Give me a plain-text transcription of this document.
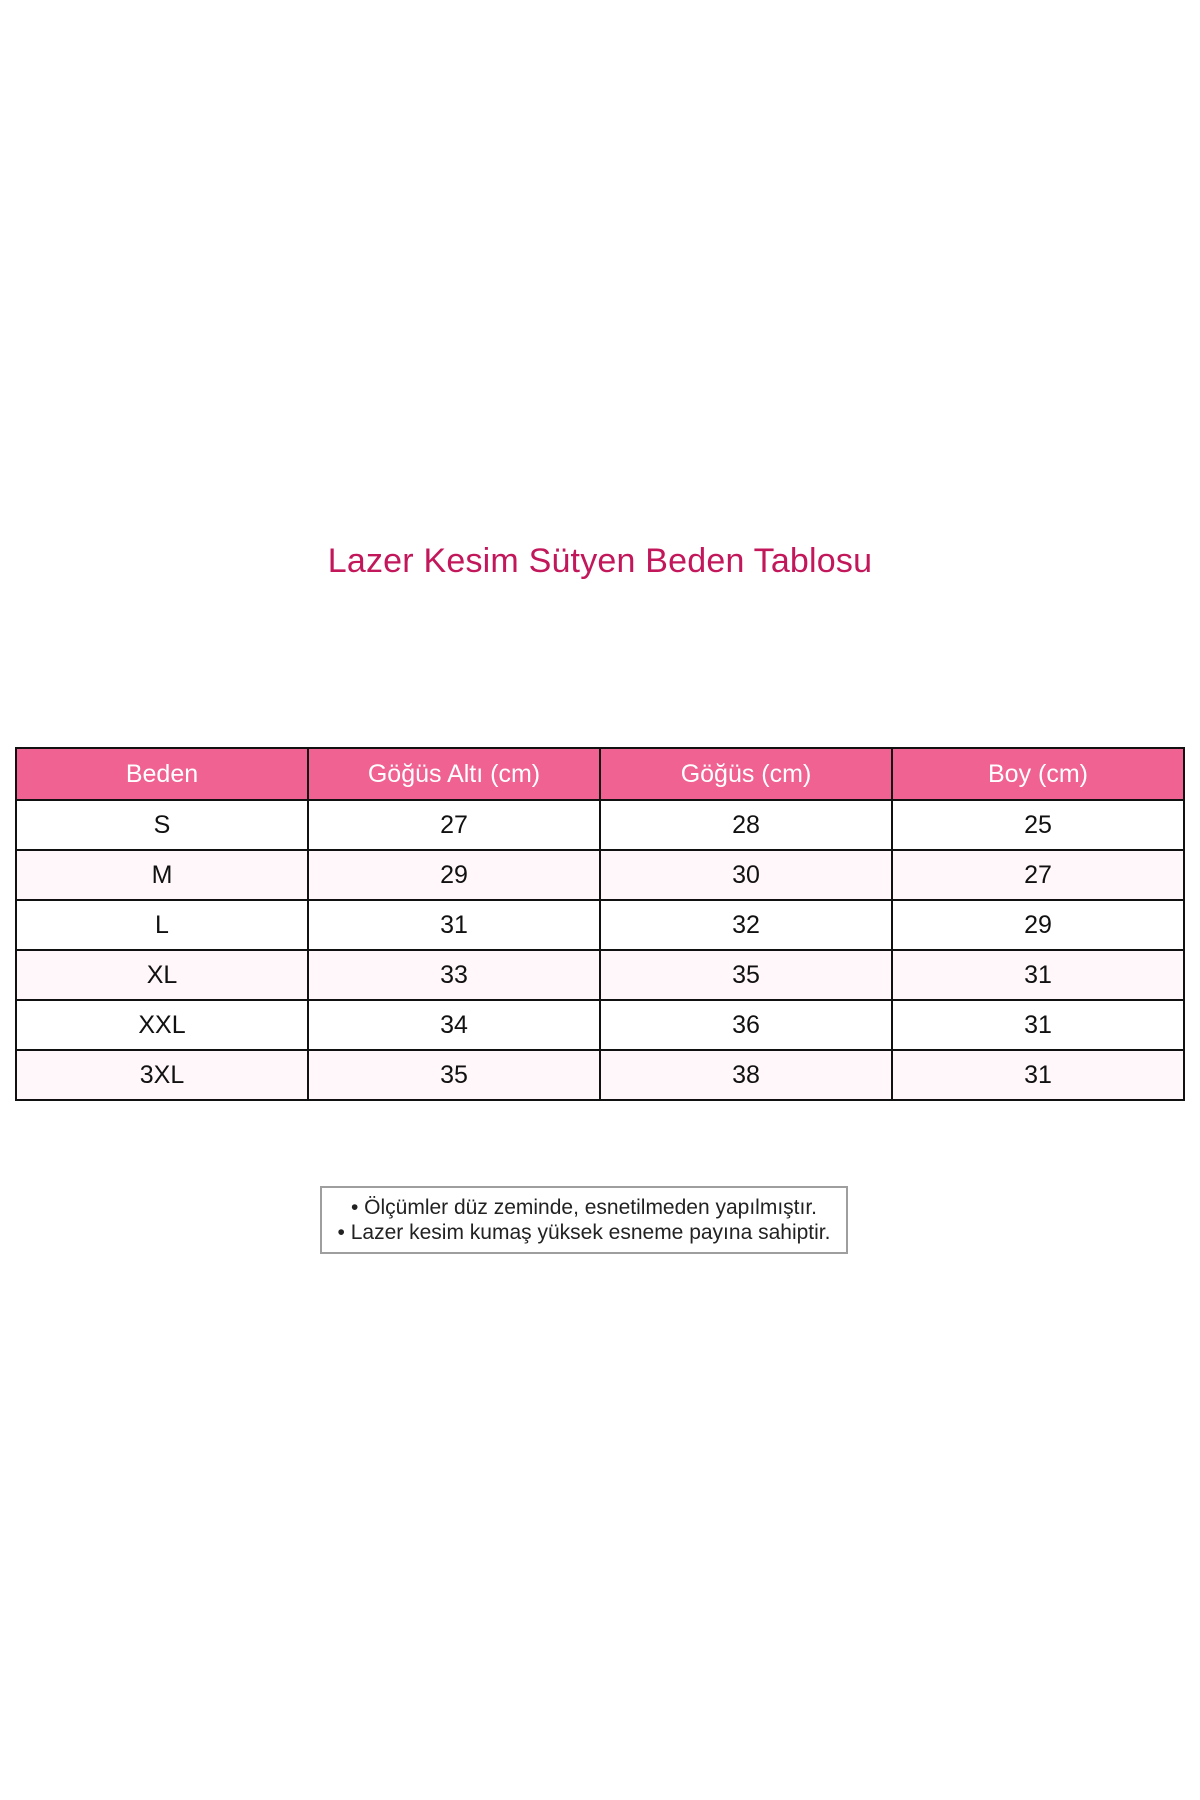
Lazer Kesim Sütyen Beden Tablosu
Beden	Göğüs Altı (cm)	Göğüs (cm)	Boy (cm)
S	27	28	25
M	29	30	27
L	31	32	29
XL	33	35	31
XXL	34	36	31
3XL	35	38	31
• Ölçümler düz zeminde, esnetilmeden yapılmıştır.
• Lazer kesim kumaş yüksek esneme payına sahiptir.
